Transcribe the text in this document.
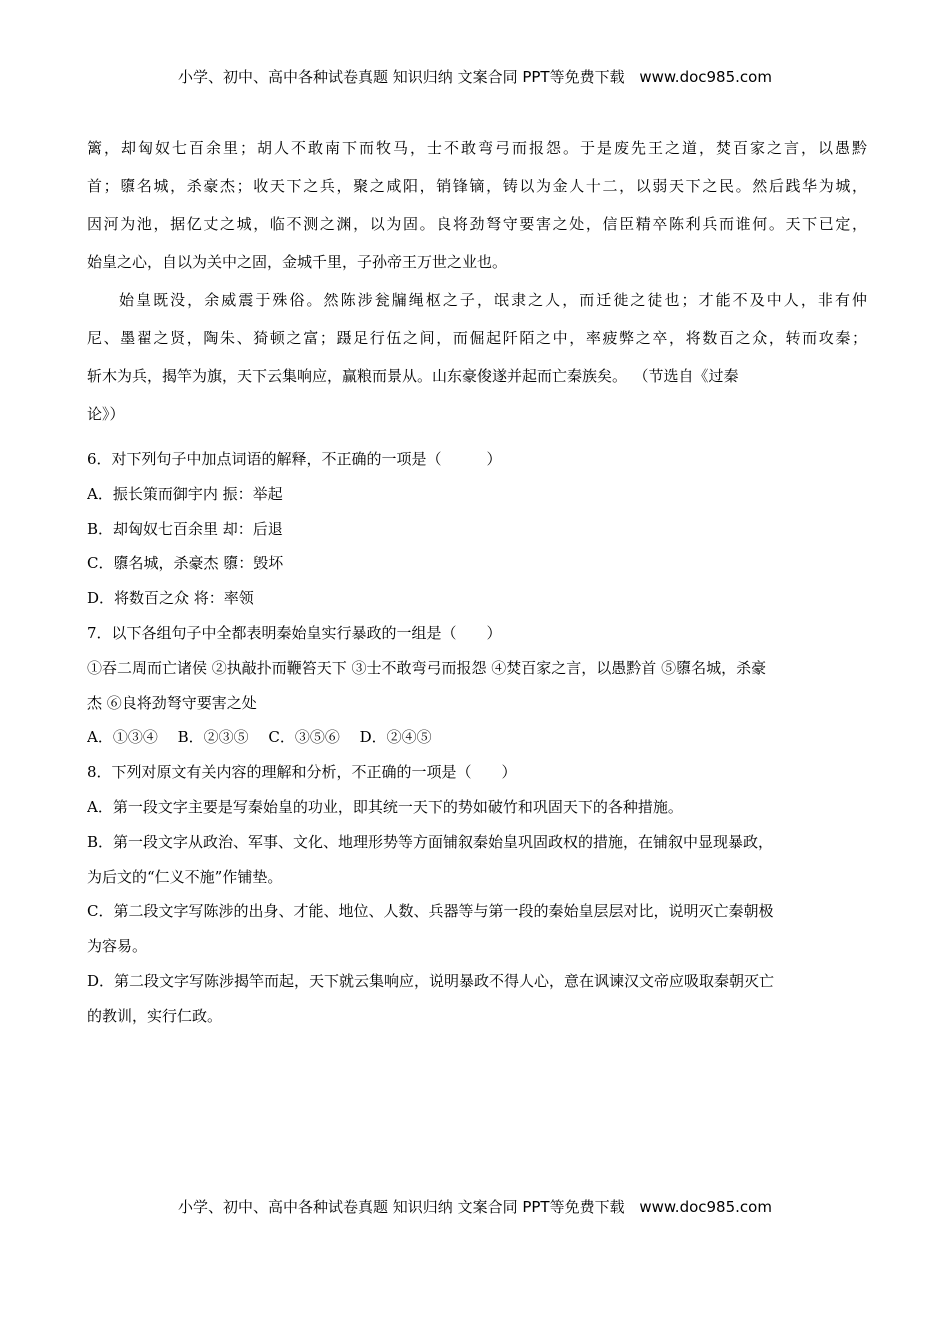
小学、初中、高中各种试卷真题 知识归纳 文案合同 PPT等免费下载 www.doc985.com
篱，却匈奴七百余里；胡人不敢南下而牧马，士不敢弯弓而报怨。于是废先王之道，焚百家之言，以愚黔
首；隳名城，杀豪杰；收天下之兵，聚之咸阳，销锋镝，铸以为金人十二，以弱天下之民。然后践华为城，
因河为池，据亿丈之城，临不测之渊，以为固。良将劲弩守要害之处，信臣精卒陈利兵而谁何。天下已定，
始皇之心，自以为关中之固，金城千里，子孙帝王万世之业也。
始皇既没，余威震于殊俗。然陈涉瓮牖绳枢之子，氓隶之人，而迁徙之徒也；才能不及中人，非有仲
尼、墨翟之贤，陶朱、猗顿之富；蹑足行伍之间，而倔起阡陌之中，率疲弊之卒，将数百之众，转而攻秦；
斩木为兵，揭竿为旗，天下云集响应，赢粮而景从。山东豪俊遂并起而亡秦族矣。 （节选自《过秦
论》）
6．对下列句子中加点词语的解释，不正确的一项是（　　　）
A．振长策而御宇内 振：举起
B．却匈奴七百余里 却：后退
C．隳名城，杀豪杰 隳：毁坏
D．将数百之众 将：率领
7．以下各组句子中全都表明秦始皇实行暴政的一组是（　　）
①吞二周而亡诸侯 ②执敲扑而鞭笞天下 ③士不敢弯弓而报怨 ④焚百家之言，以愚黔首 ⑤隳名城，杀豪
杰 ⑥良将劲弩守要害之处
A．①③④　 B．②③⑤　 C．③⑤⑥　 D．②④⑤
8．下列对原文有关内容的理解和分析，不正确的一项是（　　）
A．第一段文字主要是写秦始皇的功业，即其统一天下的势如破竹和巩固天下的各种措施。
B．第一段文字从政治、军事、文化、地理形势等方面铺叙秦始皇巩固政权的措施，在铺叙中显现暴政，
为后文的“仁义不施”作铺垫。
C．第二段文字写陈涉的出身、才能、地位、人数、兵器等与第一段的秦始皇层层对比，说明灭亡秦朝极
为容易。
D．第二段文字写陈涉揭竿而起，天下就云集响应，说明暴政不得人心，意在讽谏汉文帝应吸取秦朝灭亡
的教训，实行仁政。
小学、初中、高中各种试卷真题 知识归纳 文案合同 PPT等免费下载 www.doc985.com
